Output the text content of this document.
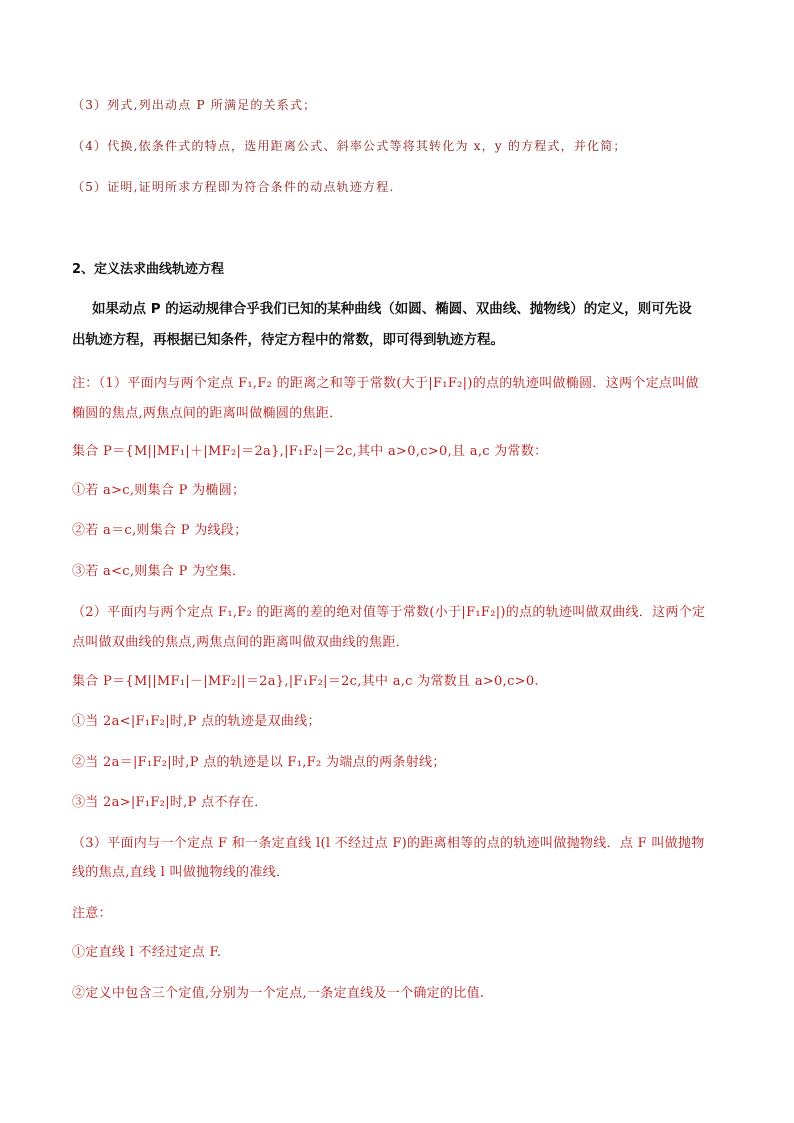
（3）列式,列出动点 P 所满足的关系式；
（4）代换,依条件式的特点，选用距离公式、斜率公式等将其转化为 x，y 的方程式，并化简；
（5）证明,证明所求方程即为符合条件的动点轨迹方程.
2、定义法求曲线轨迹方程
如果动点 P 的运动规律合乎我们已知的某种曲线（如圆、椭圆、双曲线、抛物线）的定义，则可先设
出轨迹方程，再根据已知条件，待定方程中的常数，即可得到轨迹方程。
注：（1）平面内与两个定点 F₁,F₂ 的距离之和等于常数(大于|F₁F₂|)的点的轨迹叫做椭圆．这两个定点叫做
椭圆的焦点,两焦点间的距离叫做椭圆的焦距．
集合 P＝{M||MF₁|＋|MF₂|＝2a},|F₁F₂|＝2c,其中 a>0,c>0,且 a,c 为常数：
①若 a>c,则集合 P 为椭圆；
②若 a＝c,则集合 P 为线段；
③若 a<c,则集合 P 为空集．
（2）平面内与两个定点 F₁,F₂ 的距离的差的绝对值等于常数(小于|F₁F₂|)的点的轨迹叫做双曲线．这两个定
点叫做双曲线的焦点,两焦点间的距离叫做双曲线的焦距．
集合 P＝{M||MF₁|－|MF₂||＝2a},|F₁F₂|＝2c,其中 a,c 为常数且 a>0,c>0.
①当 2a<|F₁F₂|时,P 点的轨迹是双曲线；
②当 2a＝|F₁F₂|时,P 点的轨迹是以 F₁,F₂ 为端点的两条射线；
③当 2a>|F₁F₂|时,P 点不存在．
（3）平面内与一个定点 F 和一条定直线 l(l 不经过点 F)的距离相等的点的轨迹叫做抛物线．点 F 叫做抛物
线的焦点,直线 l 叫做抛物线的准线．
注意：
①定直线 l 不经过定点 F.
②定义中包含三个定值,分别为一个定点,一条定直线及一个确定的比值.
